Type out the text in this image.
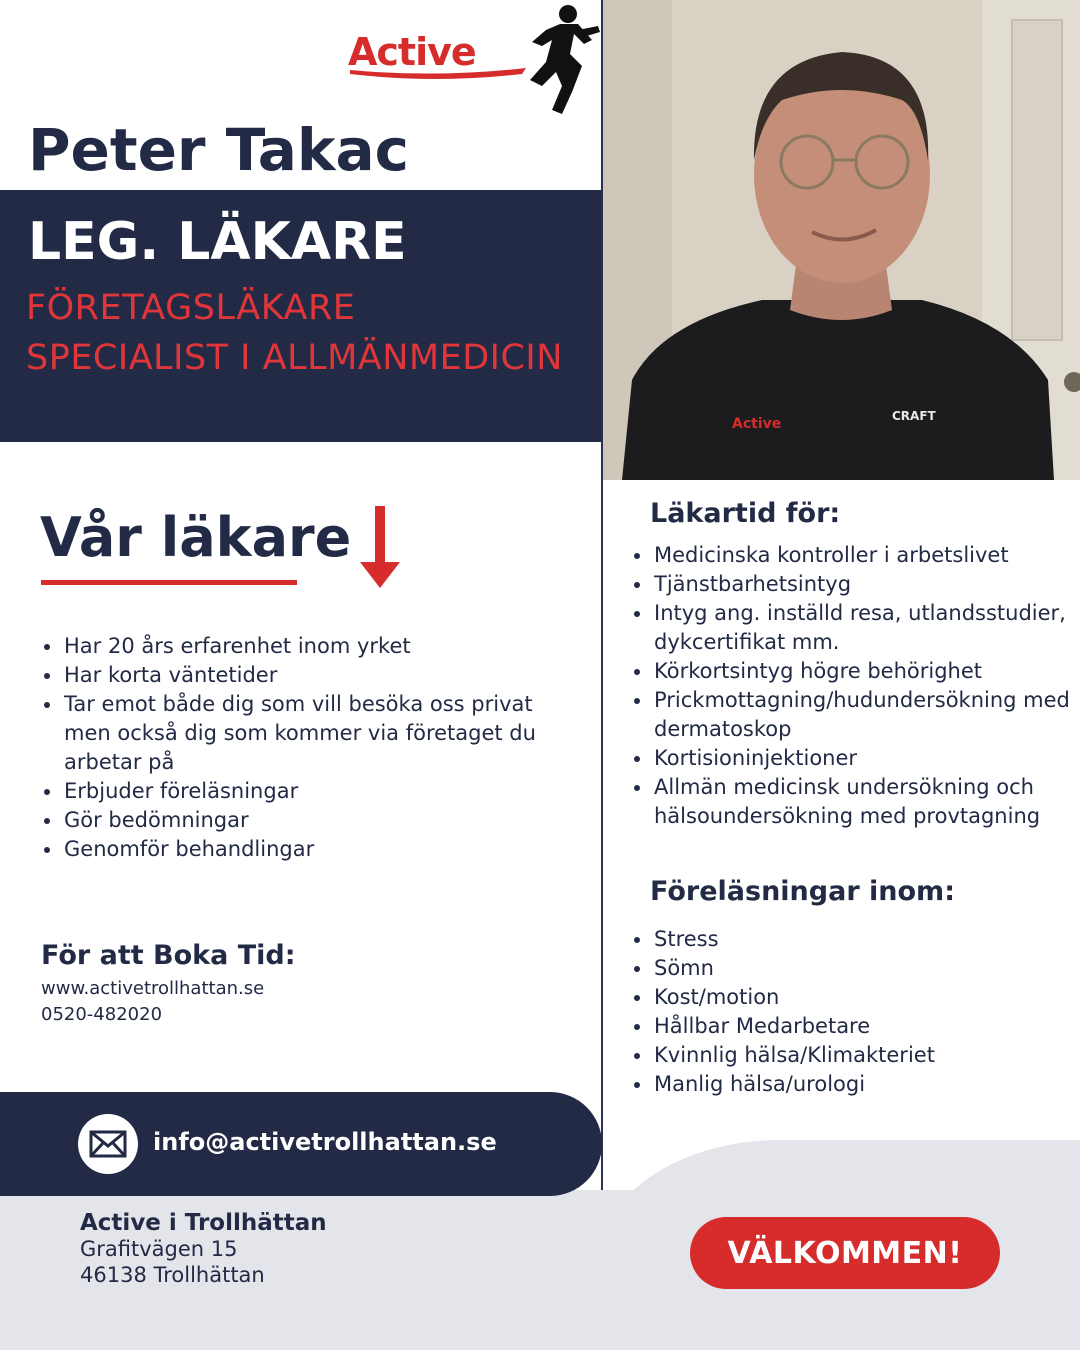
Active
Peter Takac
LEG. LÄKARE
FÖRETAGSLÄKARE
SPECIALIST I ALLMÄNMEDICIN
Active	CRAFT
Vår läkare
Har 20 års erfarenhet inom yrket
Har korta väntetider
Tar emot både dig som vill besöka oss privat men också dig som kommer via företaget du arbetar på
Erbjuder föreläsningar
Gör bedömningar
Genomför behandlingar
För att Boka Tid:
www.activetrollhattan.se
0520-482020
Läkartid för:
Medicinska kontroller i arbetslivet
Tjänstbarhetsintyg
Intyg ang. inställd resa, utlandsstudier, dykcertifikat mm.
Körkortsintyg högre behörighet
Prickmottagning/hudundersökning med dermatoskop
Kortisioninjektioner
Allmän medicinsk undersökning och hälsoundersökning med provtagning
Föreläsningar inom:
Stress
Sömn
Kost/motion
Hållbar Medarbetare
Kvinnlig hälsa/Klimakteriet
Manlig hälsa/urologi
info@activetrollhattan.se
Active i Trollhättan
Grafitvägen 15
46138 Trollhättan
VÄLKOMMEN!
